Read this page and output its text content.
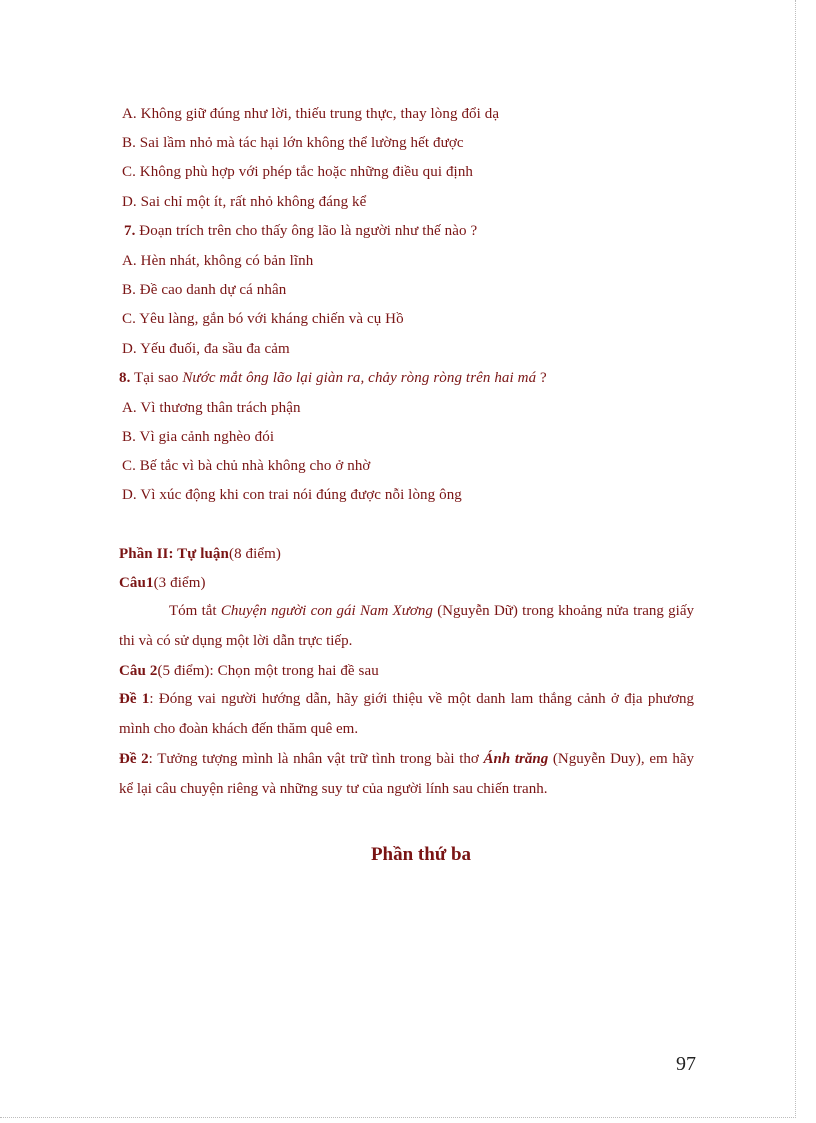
A. Không giữ đúng như lời, thiếu trung thực, thay lòng đổi dạ
B. Sai lầm nhỏ mà tác hại lớn không thể lường hết được
C. Không phù hợp với phép tắc hoặc những điều qui định
D. Sai chỉ một ít, rất nhỏ không đáng kể
7. Đoạn trích trên cho thấy ông lão là người như thế nào ?
A. Hèn nhát, không có bản lĩnh
B. Đề cao danh dự cá nhân
C. Yêu làng, gắn bó với kháng chiến và cụ Hồ
D. Yếu đuối, đa sầu đa cảm
8. Tại sao Nước mắt ông lão lại giàn ra, chảy ròng ròng trên hai má ?
A. Vì thương thân trách phận
B. Vì gia cảnh nghèo đói
C. Bế tắc vì bà chủ nhà không cho ở nhờ
D. Vì xúc động khi con trai nói đúng được nỗi lòng ông
Phần II: Tự luận(8 điểm)
Câu1(3 điểm)
Tóm tắt Chuyện người con gái Nam Xương (Nguyễn Dữ) trong khoảng nửa trang giấy thi và có sử dụng một lời dẫn trực tiếp.
Câu 2(5 điểm): Chọn một trong hai đề sau
Đề 1: Đóng vai người hướng dẫn, hãy giới thiệu về một danh lam thắng cảnh ở địa phương mình cho đoàn khách đến thăm quê em.
Đề 2: Tưởng tượng mình là nhân vật trữ tình trong bài thơ Ánh trăng (Nguyễn Duy), em hãy kể lại câu chuyện riêng và những suy tư của người lính sau chiến tranh.
Phần thứ ba
97
